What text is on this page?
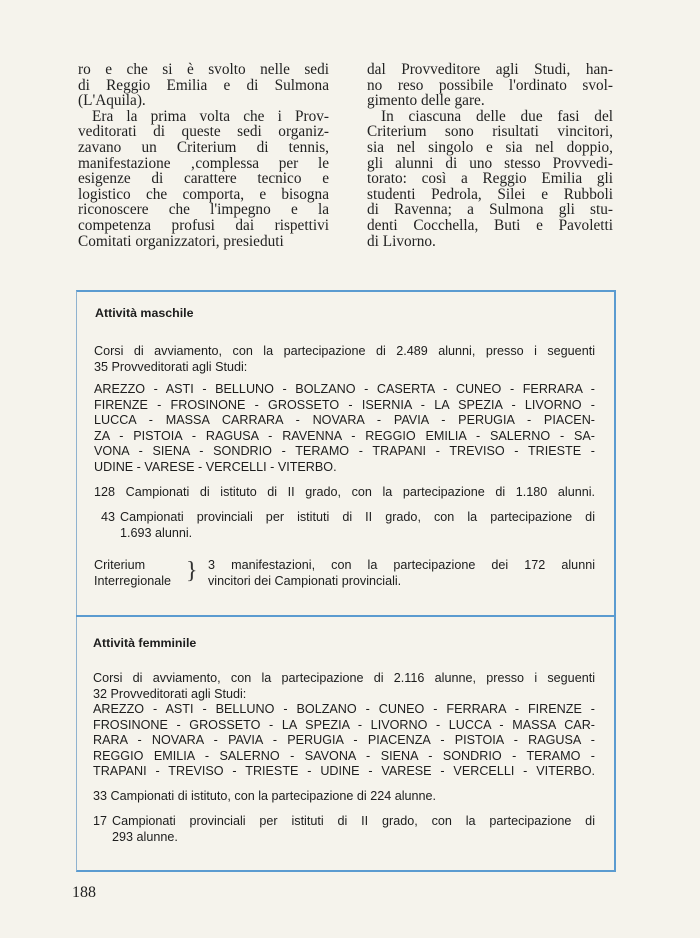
ro e che si è svolto nelle sedi
di Reggio Emilia e di Sulmona
(L'Aquila).
Era la prima volta che i Prov-
veditorati di queste sedi organiz-
zavano un Criterium di tennis,
manifestazione ‚complessa per le
esigenze di carattere tecnico e
logistico che comporta, e bisogna
riconoscere che l'impegno e la
competenza profusi dai rispettivi
Comitati organizzatori, presieduti
dal Provveditore agli Studi, han-
no reso possibile l'ordinato svol-
gimento delle gare.
In ciascuna delle due fasi del
Criterium sono risultati vincitori,
sia nel singolo e sia nel doppio,
gli alunni di uno stesso Provvedi-
torato: così a Reggio Emilia gli
studenti Pedrola, Silei e Rubboli
di Ravenna; a Sulmona gli stu-
denti Cocchella, Buti e Pavoletti
di Livorno.
Attività maschile
Corsi di avviamento, con la partecipazione di 2.489 alunni, presso i seguenti
35 Provveditorati agli Studi:
AREZZO - ASTI - BELLUNO - BOLZANO - CASERTA - CUNEO - FERRARA -
FIRENZE - FROSINONE - GROSSETO - ISERNIA - LA SPEZIA - LIVORNO -
LUCCA - MASSA CARRARA - NOVARA - PAVIA - PERUGIA - PIACEN-
ZA - PISTOIA - RAGUSA - RAVENNA - REGGIO EMILIA - SALERNO - SA-
VONA - SIENA - SONDRIO - TERAMO - TRAPANI - TREVISO - TRIESTE -
UDINE - VARESE - VERCELLI - VITERBO.
128 Campionati di istituto di II grado, con la partecipazione di 1.180 alunni.
43 Campionati provinciali per istituti di II grado, con la partecipazione di
1.693 alunni.
Criterium
Interregionale } 3 manifestazioni, con la partecipazione dei 172 alunni
vincitori dei Campionati provinciali.
Attività femminile
Corsi di avviamento, con la partecipazione di 2.116 alunne, presso i seguenti
32 Provveditorati agli Studi:
AREZZO - ASTI - BELLUNO - BOLZANO - CUNEO - FERRARA - FIRENZE -
FROSINONE - GROSSETO - LA SPEZIA - LIVORNO - LUCCA - MASSA CAR-
RARA - NOVARA - PAVIA - PERUGIA - PIACENZA - PISTOIA - RAGUSA -
REGGIO EMILIA - SALERNO - SAVONA - SIENA - SONDRIO - TERAMO -
TRAPANI - TREVISO - TRIESTE - UDINE - VARESE - VERCELLI - VITERBO.
33 Campionati di istituto, con la partecipazione di 224 alunne.
17 Campionati provinciali per istituti di II grado, con la partecipazione di
293 alunne.
188
